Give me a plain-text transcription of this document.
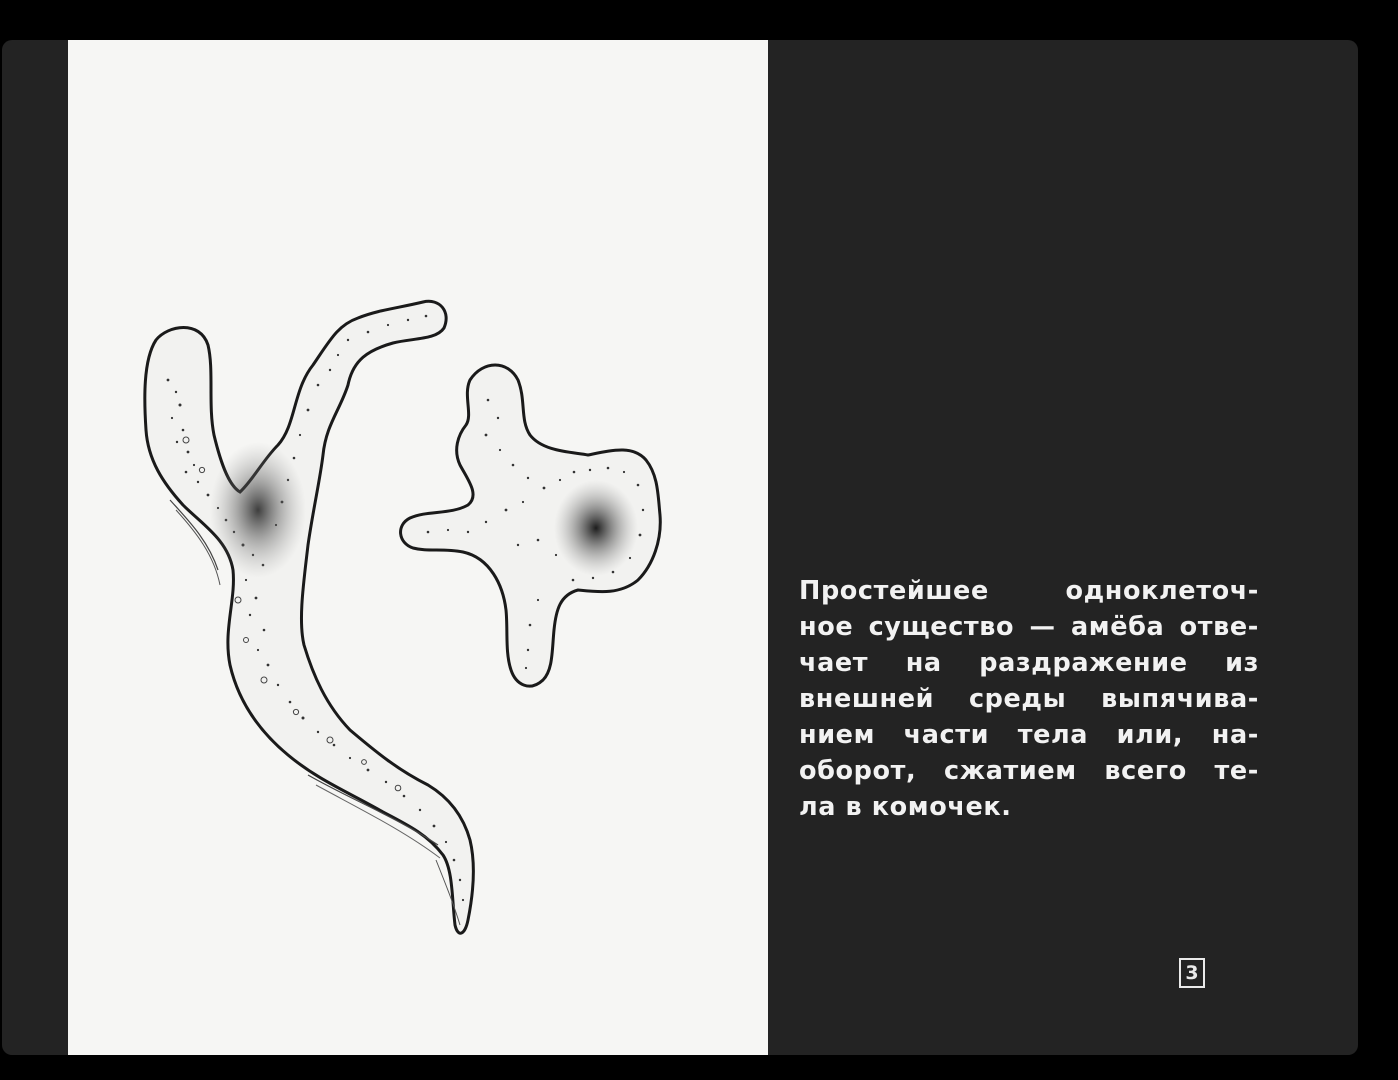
Простейшее одноклеточ-
ное существо — амёба отве-
чает на раздражение из
внешней среды выпячива-
нием части тела или, на-
оборот, сжатием всего те-
ла в комочек.
3
